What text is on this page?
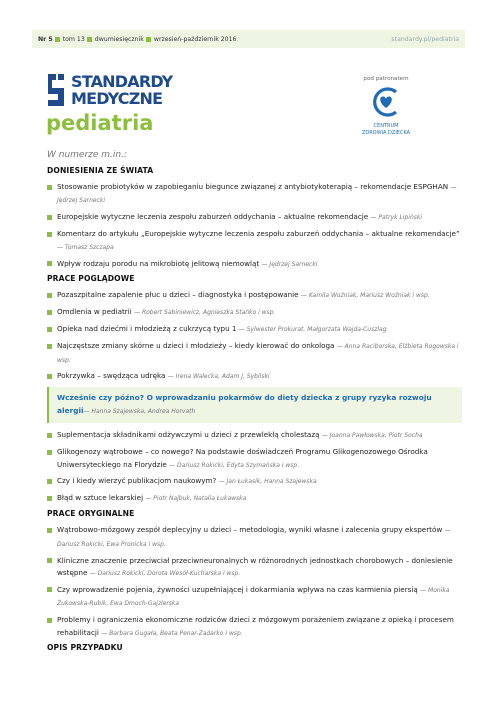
Nr 5 tom 13 dwumiesięcznik wrzesień-październik 2016	standardy.pl/pediatria
STANDARDY
MEDYCZNE
pediatria
pod patronatem
CENTRUM
ZDROWIA DZIECKA
W numerze m.in.:
DONIESIENIA ZE ŚWIATA
Stosowanie probiotyków w zapobieganiu biegunce związanej z antybiotykoterapią – rekomendacje ESPGHAN — Jędrzej Sarnecki
Europejskie wytyczne leczenia zespołu zaburzeń oddychania – aktualne rekomendacje — Patryk Lipiński
Komentarz do artykułu „Europejskie wytyczne leczenia zespołu zaburzeń oddychania – aktualne rekomendacje” — Tomasz Szczapa
Wpływ rodzaju porodu na mikrobiotę jelitową niemowląt — Jędrzej Sarnecki
PRACE POGLĄDOWE
Pozaszpitalne zapalenie płuc u dzieci – diagnostyka i postępowanie — Kamila Woźniak, Mariusz Woźniak i wsp.
Omdlenia w pediatrii — Robert Sabiniewicz, Agnieszka Stańko i wsp.
Opieka nad dziećmi i młodzieżą z cukrzycą typu 1 — Sylwester Prokurat, Małgorzata Wajda-Cuszlag
Najczęstsze zmiany skórne u dzieci i młodzieży – kiedy kierować do onkologa — Anna Raciborska, Elżbieta Rogowska i wsp.
Pokrzywka – swędząca udręka — Irena Walecka, Adam J. Sybilski
Wcześnie czy późno? O wprowadzaniu pokarmów do diety dziecka z grupy ryzyka rozwoju alergii— Hanna Szajewska, Andrea Horvath
Suplementacja składnikami odżywczymi u dzieci z przewlekłą cholestazą — Joanna Pawłowska, Piotr Socha
Glikogenozy wątrobowe – co nowego? Na podstawie doświadczeń Programu Glikogenozowego Ośrodka Uniwersyteckiego na Florydzie — Dariusz Rokicki, Edyta Szymańska i wsp.
Czy i kiedy wierzyć publikacjom naukowym? — Jan Łukasik, Hanna Szajewska
Błąd w sztuce lekarskiej — Piotr Najbuk, Natalia Łukawska
PRACE ORYGINALNE
Wątrobowo-mózgowy zespół deplecyjny u dzieci – metodologia, wyniki własne i zalecenia grupy ekspertów — Dariusz Rokicki, Ewa Pronicka i wsp.
Kliniczne znaczenie przeciwciał przeciwneuronalnych w różnorodnych jednostkach chorobowych – doniesienie wstępne — Dariusz Rokicki, Dorota Wesół-Kucharska i wsp.
Czy wprowadzenie pojenia, żywności uzupełniającej i dokarmiania wpływa na czas karmienia piersią — Monika Żukowska-Rubik, Ewa Dmoch-Gajzlerska
Problemy i ograniczenia ekonomiczne rodziców dzieci z mózgowym porażeniem związane z opieką i procesem rehabilitacji — Barbara Gugała, Beata Penar-Zadarko i wsp.
OPIS PRZYPADKU
